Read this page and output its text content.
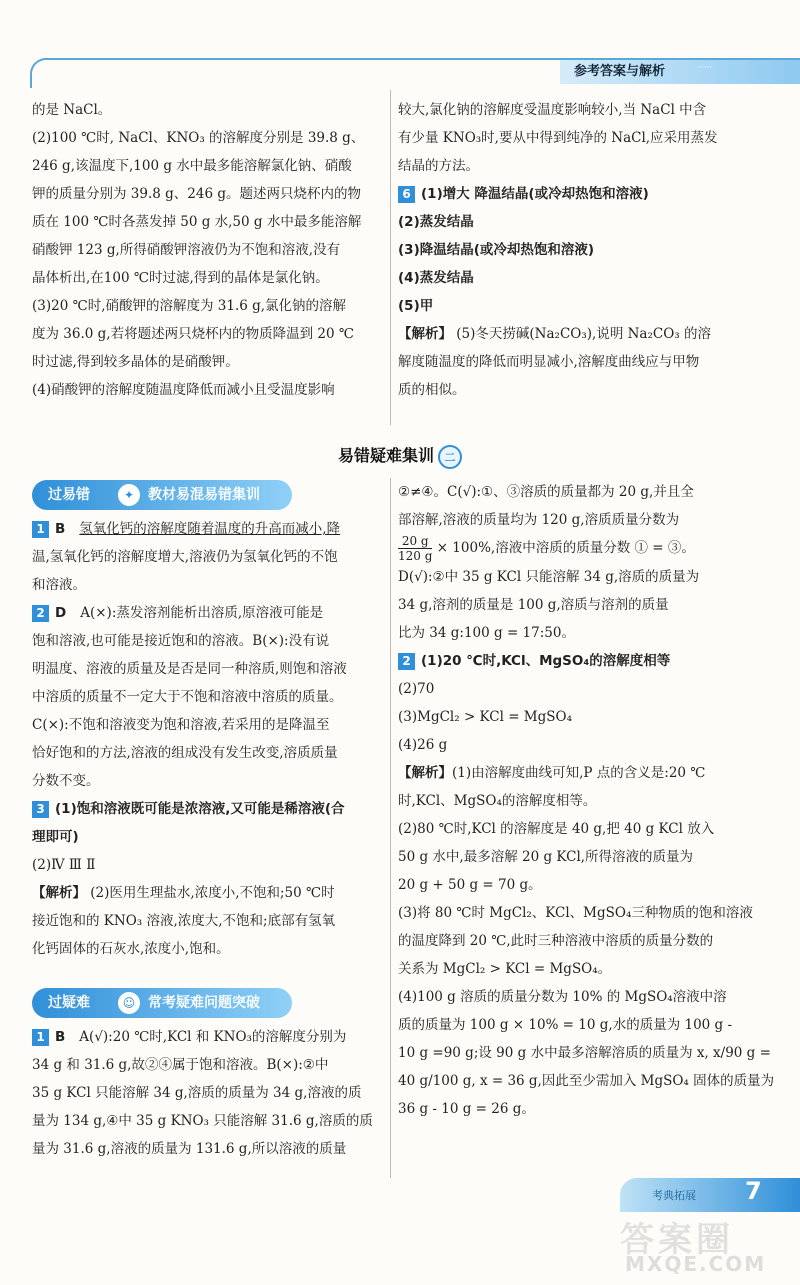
参考答案与解析	·····

的是 NaCl。

(2)100 ℃时, NaCl、KNO₃ 的溶解度分别是 39.8 g、

246 g,该温度下,100 g 水中最多能溶解氯化钠、硝酸

钾的质量分别为 39.8 g、246 g。题述两只烧杯内的物

质在 100 ℃时各蒸发掉 50 g 水,50 g 水中最多能溶解

硝酸钾 123 g,所得硝酸钾溶液仍为不饱和溶液,没有

晶体析出,在100 ℃时过滤,得到的晶体是氯化钠。

(3)20 ℃时,硝酸钾的溶解度为 31.6 g,氯化钠的溶解

度为 36.0 g,若将题述两只烧杯内的物质降温到 20 ℃

时过滤,得到较多晶体的是硝酸钾。

(4)硝酸钾的溶解度随温度降低而减小且受温度影响

较大,氯化钠的溶解度受温度影响较小,当 NaCl 中含

有少量 KNO₃时,要从中得到纯净的 NaCl,应采用蒸发

结晶的方法。

6 (1)增大 降温结晶(或冷却热饱和溶液)

(2)蒸发结晶

(3)降温结晶(或冷却热饱和溶液)

(4)蒸发结晶

(5)甲

【解析】 (5)冬天捞碱(Na₂CO₃),说明 Na₂CO₃ 的溶

解度随温度的降低而明显减小,溶解度曲线应与甲物

质的相似。

易错疑难集训 二
过易错	✦ 教材易混易错集训

1 B 氢氧化钙的溶解度随着温度的升高而减小,降

温,氢氧化钙的溶解度增大,溶液仍为氢氧化钙的不饱

和溶液。

2 D A(×):蒸发溶剂能析出溶质,原溶液可能是

饱和溶液,也可能是接近饱和的溶液。B(×):没有说

明温度、溶液的质量及是否是同一种溶质,则饱和溶液

中溶质的质量不一定大于不饱和溶液中溶质的质量。

C(×):不饱和溶液变为饱和溶液,若采用的是降温至

恰好饱和的方法,溶液的组成没有发生改变,溶质质量

分数不变。

3 (1)饱和溶液既可能是浓溶液,又可能是稀溶液(合

理即可)

(2)Ⅳ Ⅲ Ⅱ

【解析】 (2)医用生理盐水,浓度小,不饱和;50 ℃时

接近饱和的 KNO₃ 溶液,浓度大,不饱和;底部有氢氧

化钙固体的石灰水,浓度小,饱和。

过疑难	☺ 常考疑难问题突破

1 B A(√):20 ℃时,KCl 和 KNO₃的溶解度分别为

34 g 和 31.6 g,故②④属于饱和溶液。B(×):②中

35 g KCl 只能溶解 34 g,溶质的质量为 34 g,溶液的质

量为 134 g,④中 35 g KNO₃ 只能溶解 31.6 g,溶质的质

量为 31.6 g,溶液的质量为 131.6 g,所以溶液的质量

②≠④。C(√):①、③溶质的质量都为 20 g,并且全

部溶解,溶液的质量均为 120 g,溶质质量分数为

$\frac{20 g}{120 g} \times 100\%$,溶液中溶质的质量分数 ① = ③。

D(√):②中 35 g KCl 只能溶解 34 g,溶质的质量为

34 g,溶剂的质量是 100 g,溶质与溶剂的质量

比为 34 g:100 g = 17:50。

2 (1)20 ℃时,KCl、MgSO₄的溶解度相等

(2)70

(3)MgCl₂ > KCl = MgSO₄

(4)26 g

【解析】(1)由溶解度曲线可知,P 点的含义是:20 ℃

时,KCl、MgSO₄的溶解度相等。

(2)80 ℃时,KCl 的溶解度是 40 g,把 40 g KCl 放入

50 g 水中,最多溶解 20 g KCl,所得溶液的质量为

20 g + 50 g = 70 g。

(3)将 80 ℃时 MgCl₂、KCl、MgSO₄三种物质的饱和溶液

的温度降到 20 ℃,此时三种溶液中溶质的质量分数的

关系为 MgCl₂ > KCl = MgSO₄。

(4)100 g 溶质的质量分数为 10% 的 MgSO₄溶液中溶

质的质量为 100 g × 10% = 10 g,水的质量为 100 g -

10 g =90 g;设 90 g 水中最多溶解溶质的质量为 x, x/90 g =

40 g/100 g, x = 36 g,因此至少需加入 MgSO₄ 固体的质量为

36 g - 10 g = 26 g。

考典拓展 7
答案圈
MXQE.COM
